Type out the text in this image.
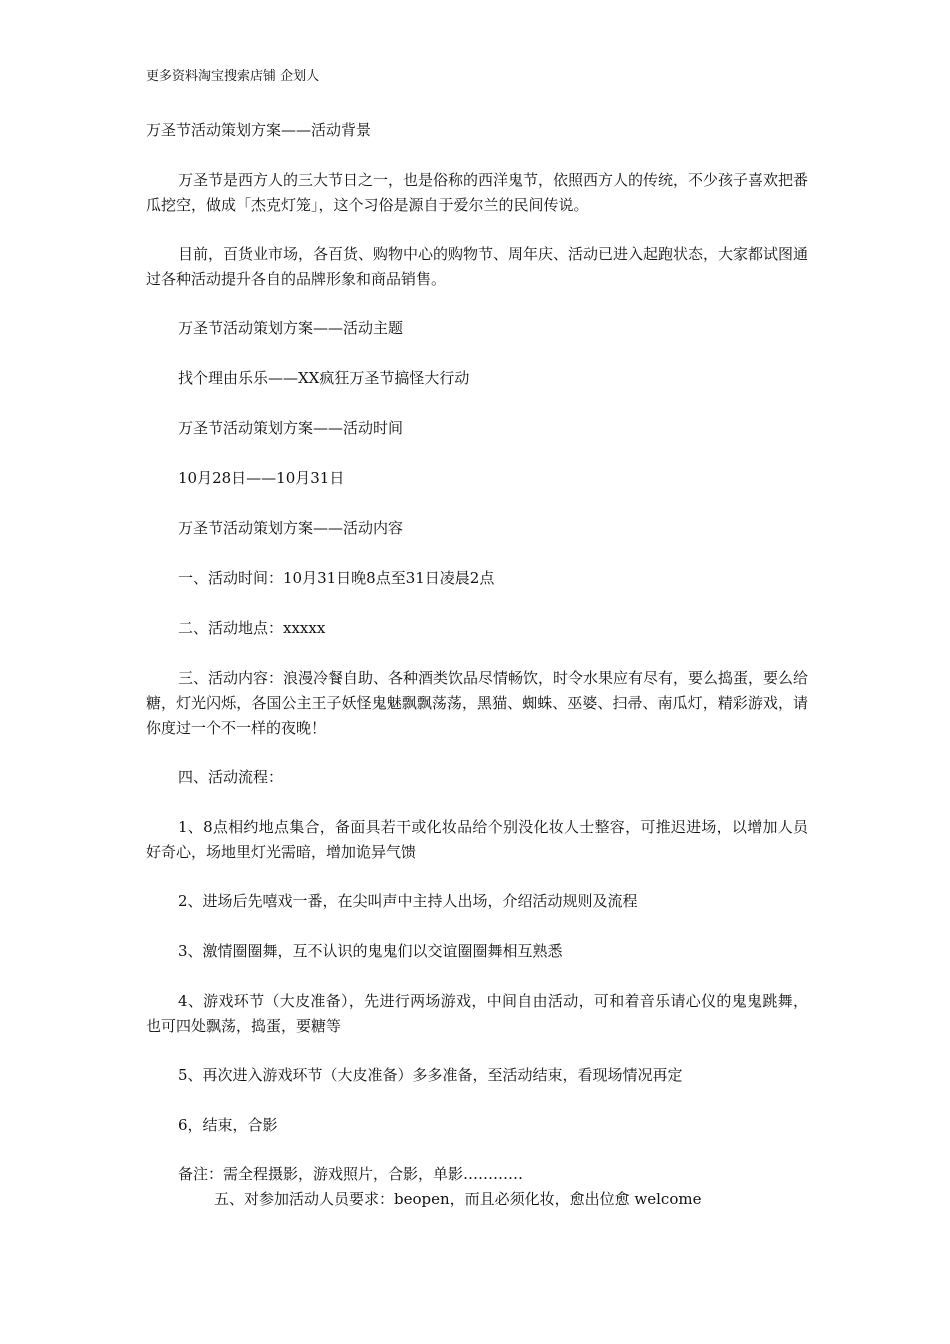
更多资料淘宝搜索店铺 企划人

万圣节活动策划方案——活动背景

万圣节是西方人的三大节日之一，也是俗称的西洋鬼节，依照西方人的传统，不少孩子喜欢把番瓜挖空，做成「杰克灯笼」，这个习俗是源自于爱尔兰的民间传说。

目前，百货业市场，各百货、购物中心的购物节、周年庆、活动已进入起跑状态，大家都试图通过各种活动提升各自的品牌形象和商品销售。

万圣节活动策划方案——活动主题

找个理由乐乐——XX疯狂万圣节搞怪大行动

万圣节活动策划方案——活动时间

10月28日——10月31日

万圣节活动策划方案——活动内容

一、活动时间：10月31日晚8点至31日凌晨2点

二、活动地点：xxxxx

三、活动内容：浪漫冷餐自助、各种酒类饮品尽情畅饮，时令水果应有尽有，要么捣蛋，要么给糖，灯光闪烁，各国公主王子妖怪鬼魅飘飘荡荡，黑猫、蜘蛛、巫婆、扫帚、南瓜灯，精彩游戏，请你度过一个不一样的夜晚！

四、活动流程：

1、8点相约地点集合，备面具若干或化妆品给个别没化妆人士整容，可推迟进场，以增加人员好奇心，场地里灯光需暗，增加诡异气馈

2、进场后先嘻戏一番，在尖叫声中主持人出场，介绍活动规则及流程

3、激情圈圈舞，互不认识的鬼鬼们以交谊圈圈舞相互熟悉

4、游戏环节（大皮准备），先进行两场游戏，中间自由活动，可和着音乐请心仪的鬼鬼跳舞，也可四处飘荡，捣蛋，要糖等

5、再次进入游戏环节（大皮准备）多多准备，至活动结束，看现场情况再定

6，结束，合影

备注：需全程摄影，游戏照片，合影，单影…………

五、对参加活动人员要求：beopen，而且必须化妆，愈出位愈 welcome
